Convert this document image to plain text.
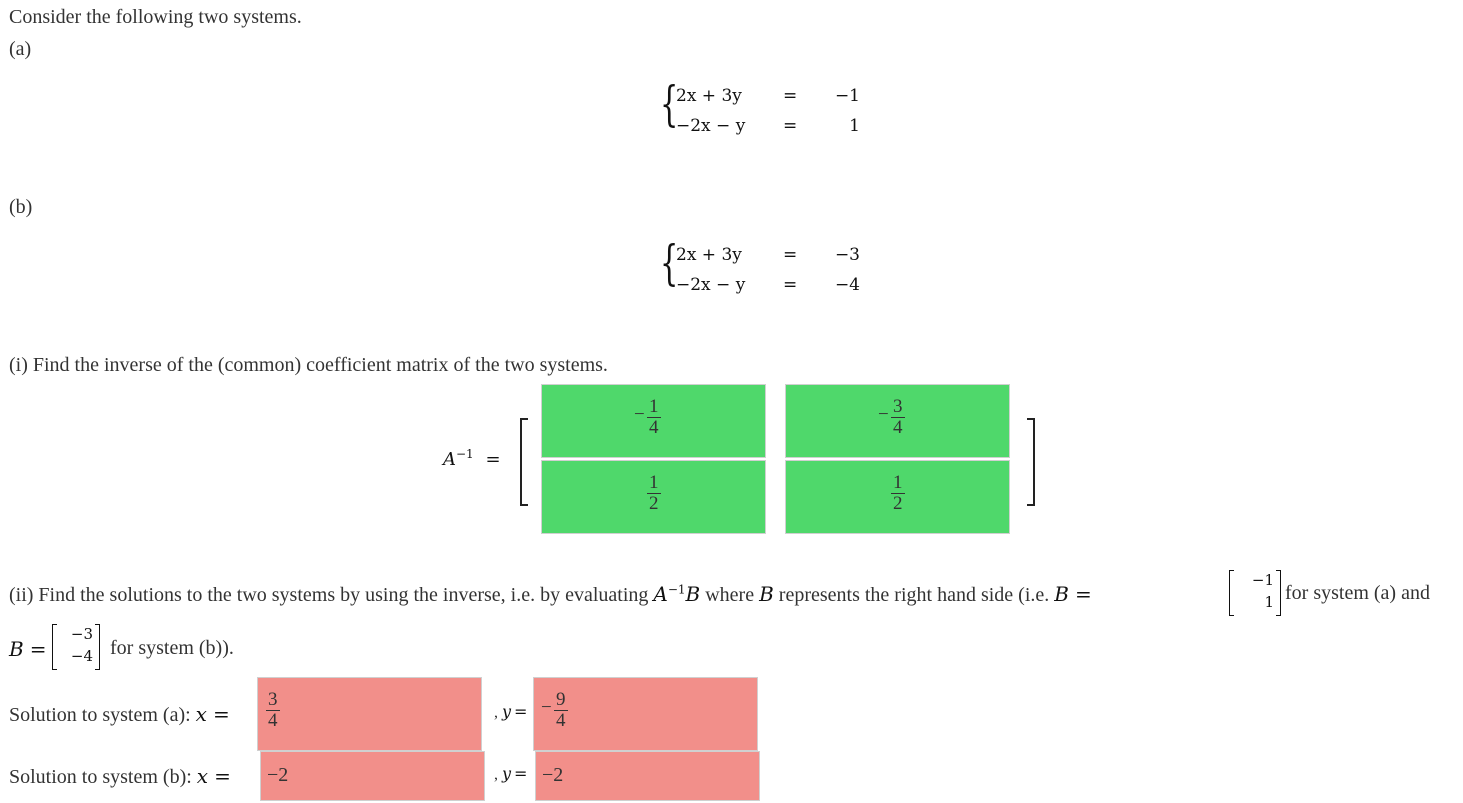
Consider the following two systems.
(a)
{
2x + 3y = −1
−2x − y =	1
(b)
{
2x + 3y = −3
−2x − y = −4
(i) Find the inverse of the (common) coefficient matrix of the two systems.
$A^{-1}$ =
− $\frac{1}{4}$	− $\frac{3}{4}$
$\frac{1}{2}$	$\frac{1}{2}$
(ii) Find the solutions to the two systems by using the inverse, i.e. by evaluating $A^{-1}B$ where B represents the right hand side (i.e. B =
−1
1 for system (a) and
B =
−3
−4 for system (b)).
Solution to system (a): $x = \frac{3}{4}$	, y = − $\frac{9}{4}$
Solution to system (b): x = −2	, y = −2
